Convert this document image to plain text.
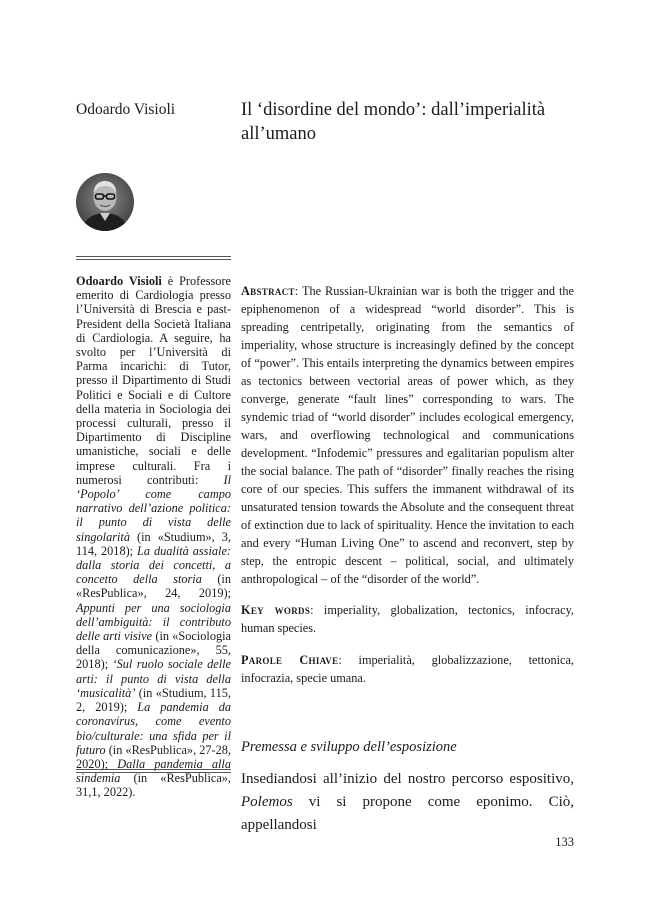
Odoardo Visioli	Il ‘disordine del mondo’: dall’imperialità all’umano

Odoardo Visioli è Professore emerito di Cardiologia presso l’Università di Brescia e past-President della Società Italiana di Cardiologia. A seguire, ha svolto per l’Università di Parma incarichi: di Tutor, presso il Dipartimento di Studi Politici e Sociali e di Cultore della materia in Sociologia dei processi culturali, presso il Dipartimento di Discipline umanistiche, sociali e delle imprese culturali. Fra i numerosi contributi: Il ‘Popolo’ come campo narrativo dell’azione politica: il punto di vista delle singolarità (in «Studium», 3, 114, 2018); La dualità assiale: dalla storia dei concetti, a concetto della storia (in «ResPublica», 24, 2019); Appunti per una sociologia dell’ambiguità: il contributo delle arti visive (in «Sociologia della comunicazione», 55, 2018); ‘Sul ruolo sociale delle arti: il punto di vista della ‘musicalità’ (in «Studium, 115, 2, 2019); La pandemia da coronavirus, come evento bio/culturale: una sfida per il futuro (in «ResPublica», 27-28, 2020); Dalla pandemia alla sindemia (in «ResPublica», 31,1, 2022).

Abstract: The Russian-Ukrainian war is both the trigger and the epiphenomenon of a widespread “world disorder”. This is spreading centripetally, originating from the semantics of imperiality, whose structure is increasingly defined by the concept of “power”. This entails interpreting the dynamics between empires as tectonics between vectorial areas of power which, as they converge, generate “fault lines” corresponding to wars. The syndemic triad of “world disorder” includes ecological emergency, wars, and overflowing technological and communications development. “Infodemic” pressures and egalitarian populism alter the social balance. The path of “disorder” finally reaches the rising core of our species. This suffers the immanent withdrawal of its unsaturated tension towards the Absolute and the consequent threat of extinction due to lack of spirituality. Hence the invitation to each and every “Human Living One” to ascend and reconvert, step by step, the entropic descent – political, social, and ultimately anthropological – of the “disorder of the world”.

Key words: imperiality, globalization, tectonics, infocracy, human species.

Parole Chiave: imperialità, globalizzazione, tettonica, infocrazia, specie umana.

Premessa e sviluppo dell’esposizione

Insediandosi all’inizio del nostro percorso espositivo, Polemos vi si propone come eponimo. Ciò, appellandosi

133
